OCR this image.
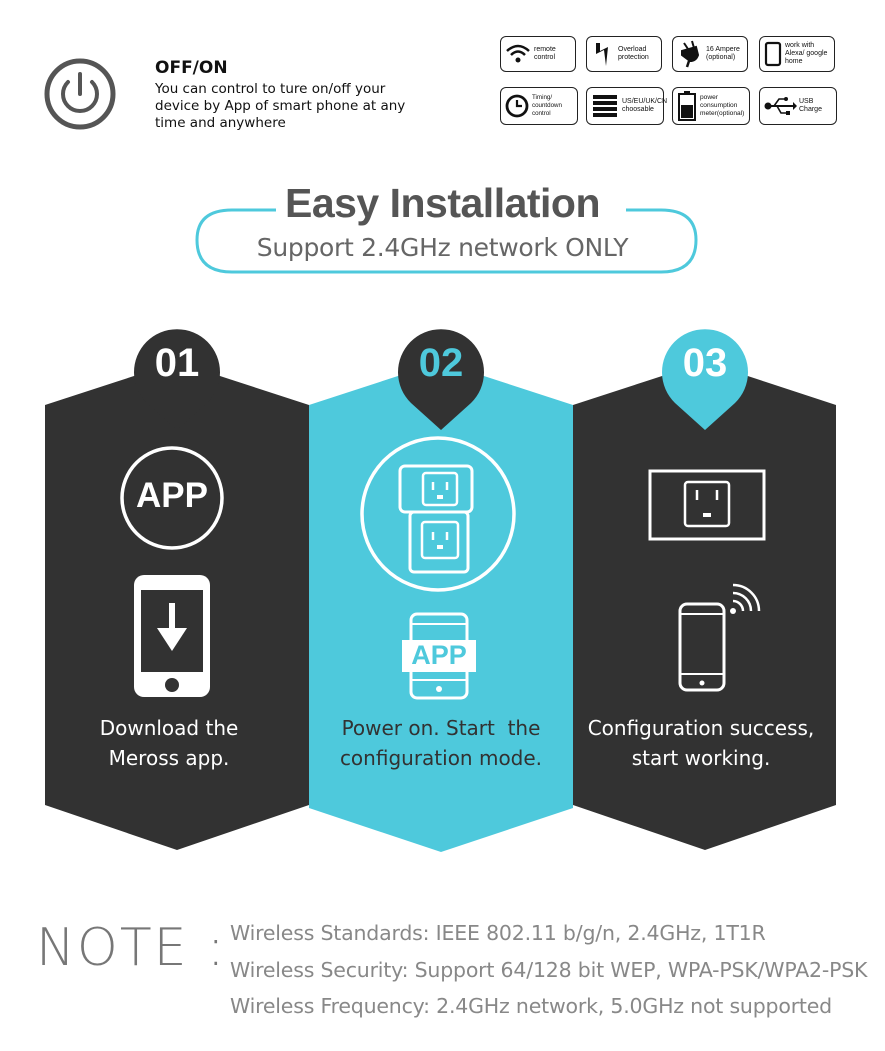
OFF/ON
You can control to ture on/off your device by App of smart phone at any time and anywhere
remote control
Overload protection
16 Ampere (optional)
work with Alexa/ google home
Timing/ countdown control
US/EU/UK/CN choosable
power consumption meter(optional)
USB Charge
Easy Installation
Support 2.4GHz network ONLY
01	02	03
APP
APP
Download the
Meross app.
Power on. Start  the
configuration mode.
Configuration success,
start working.
NOTE : Wireless Standards: IEEE 802.11 b/g/n, 2.4GHz, 1T1R
Wireless Security: Support 64/128 bit WEP, WPA-PSK/WPA2-PSK
Wireless Frequency: 2.4GHz network, 5.0GHz not supported
